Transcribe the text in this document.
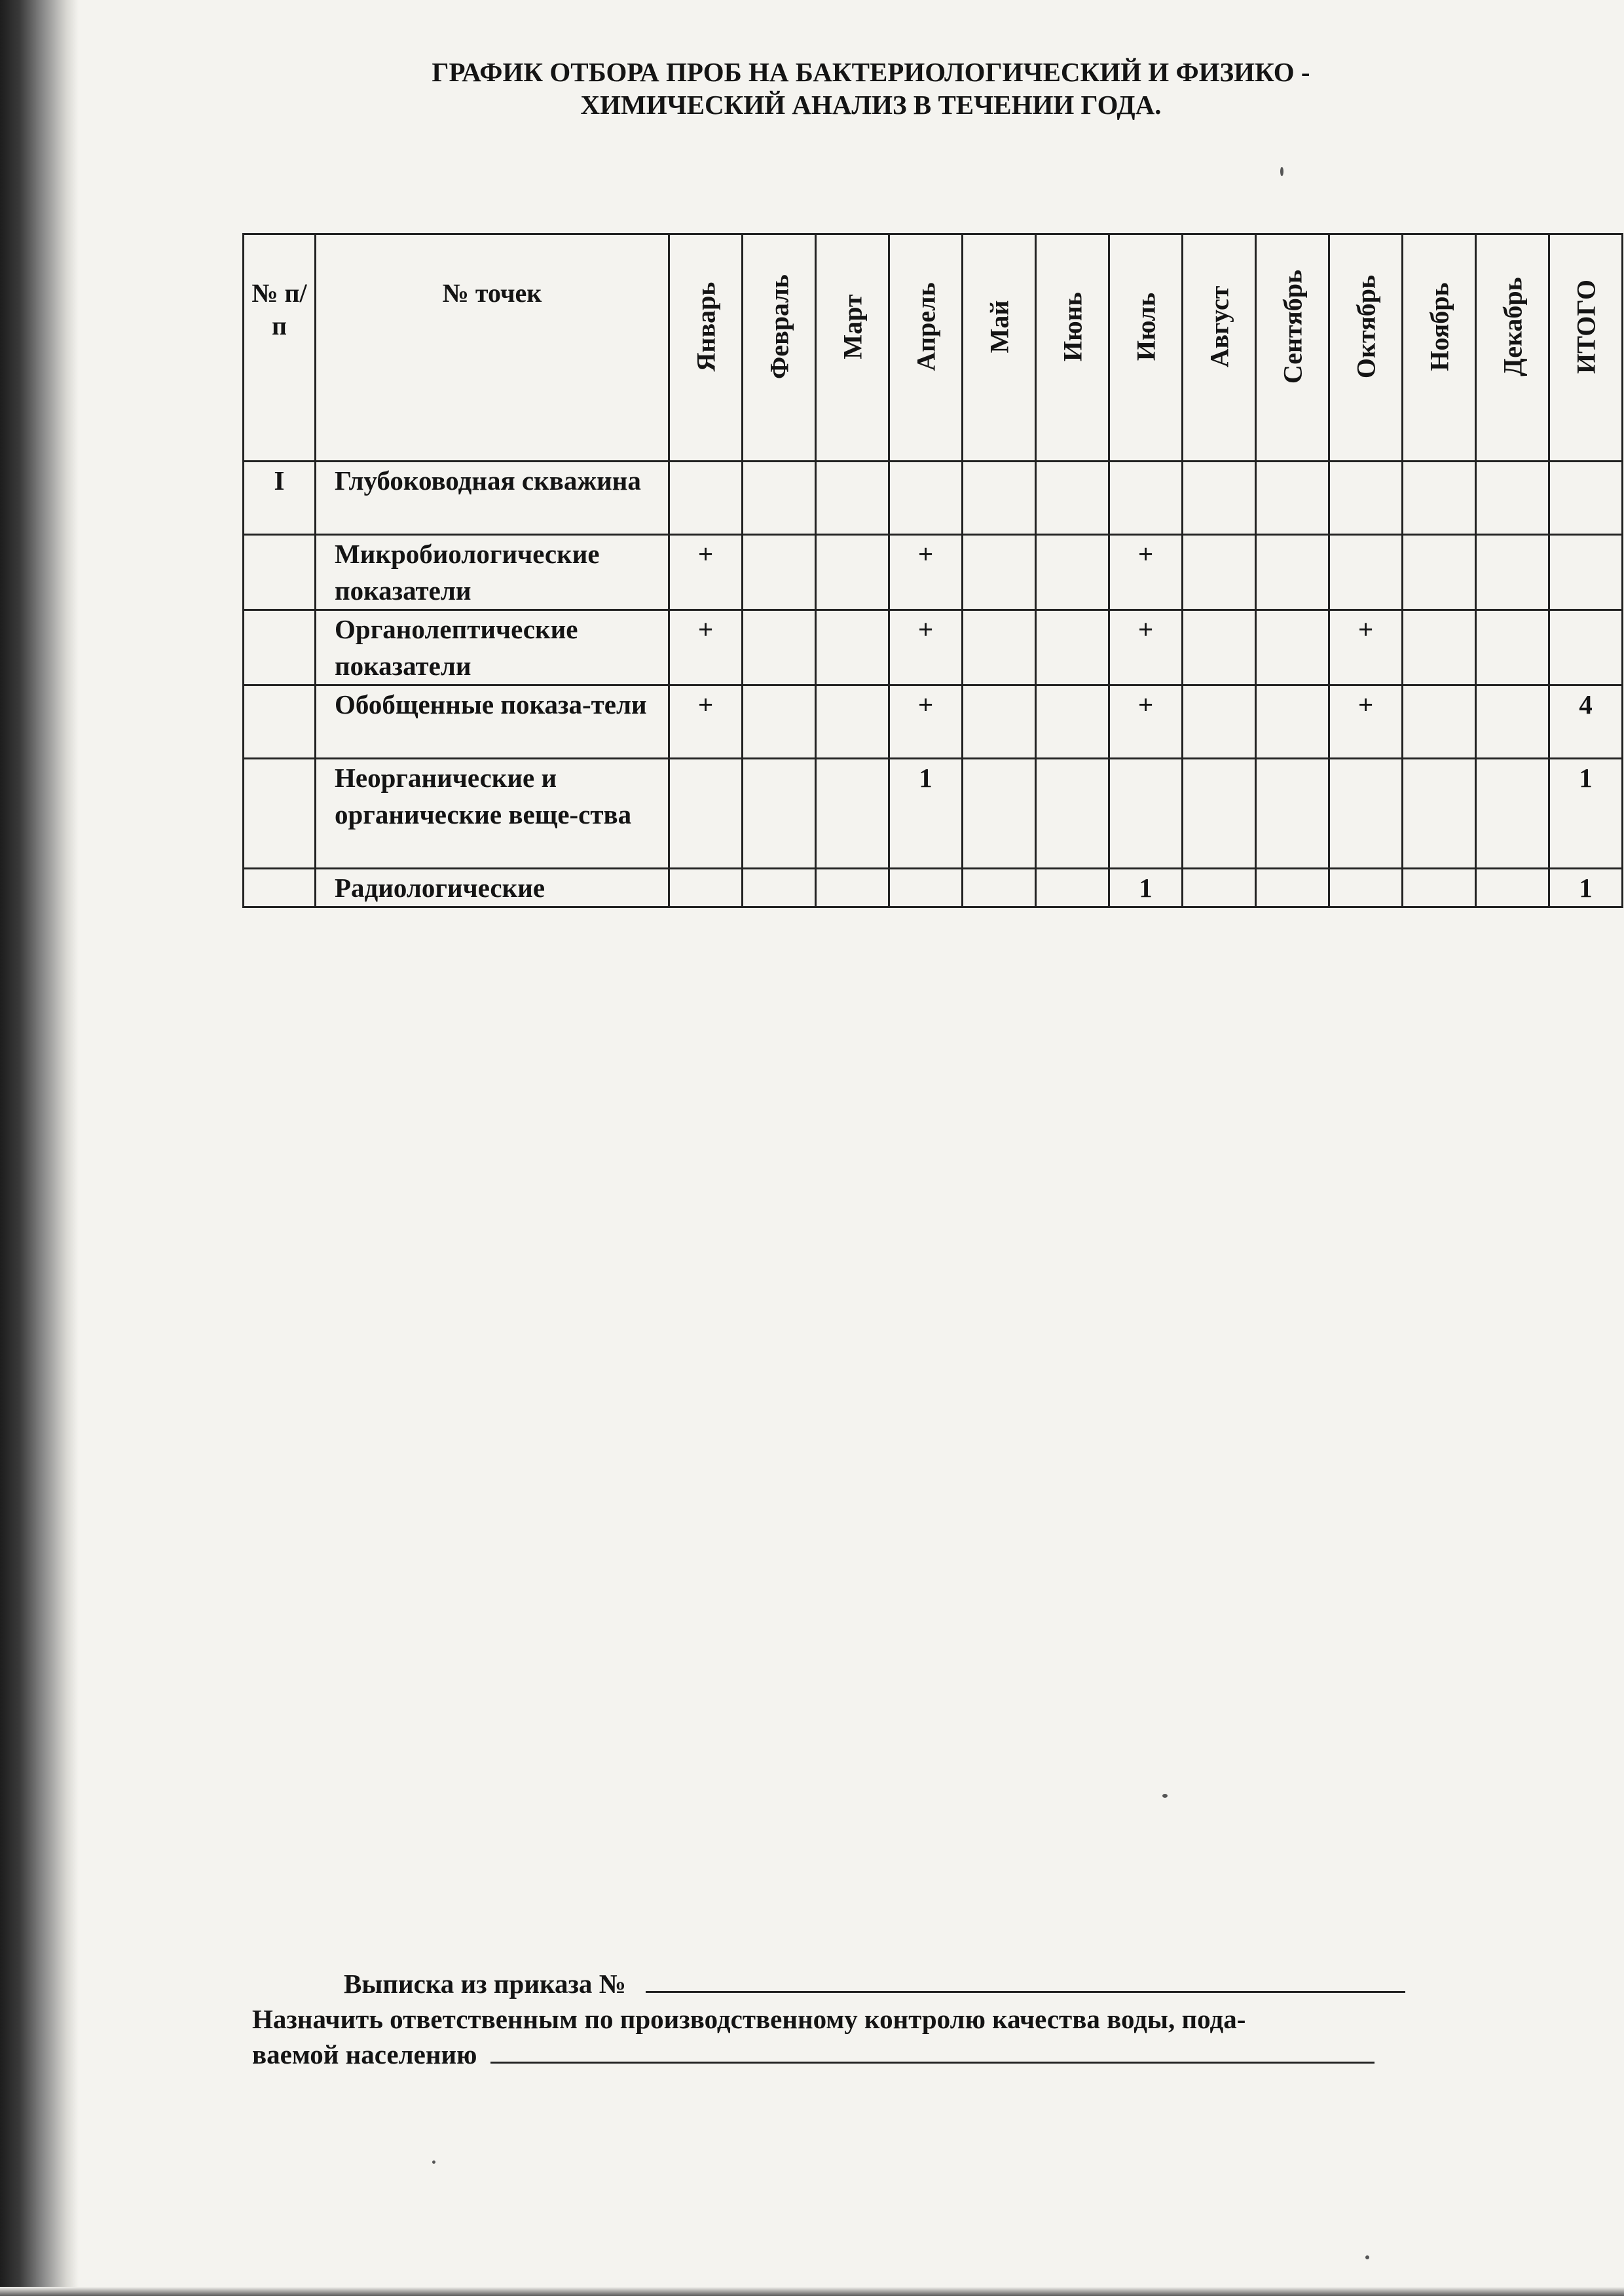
ГРАФИК ОТБОРА ПРОБ НА БАКТЕРИОЛОГИЧЕСКИЙ И ФИЗИКО -
ХИМИЧЕСКИЙ АНАЛИЗ В ТЕЧЕНИИ ГОДА.
№ п/п	№ точек	Январь	Февраль	Март	Апрель	Май	Июнь	Июль	Август	Сентябрь	Октябрь	Ноябрь	Декабрь	ИТОГО

I	Глубоководная скважина													
	Микробиологические показатели	+			+			+						
	Органолептические показатели	+			+			+			+			
	Обобщенные показа-тели	+			+			+			+			4
	Неорганические и органические веще-ства				1									1
	Радиологические							1						1
Выписка из приказа №
Назначить ответственным по производственному контролю качества воды, пода-
ваемой населению
